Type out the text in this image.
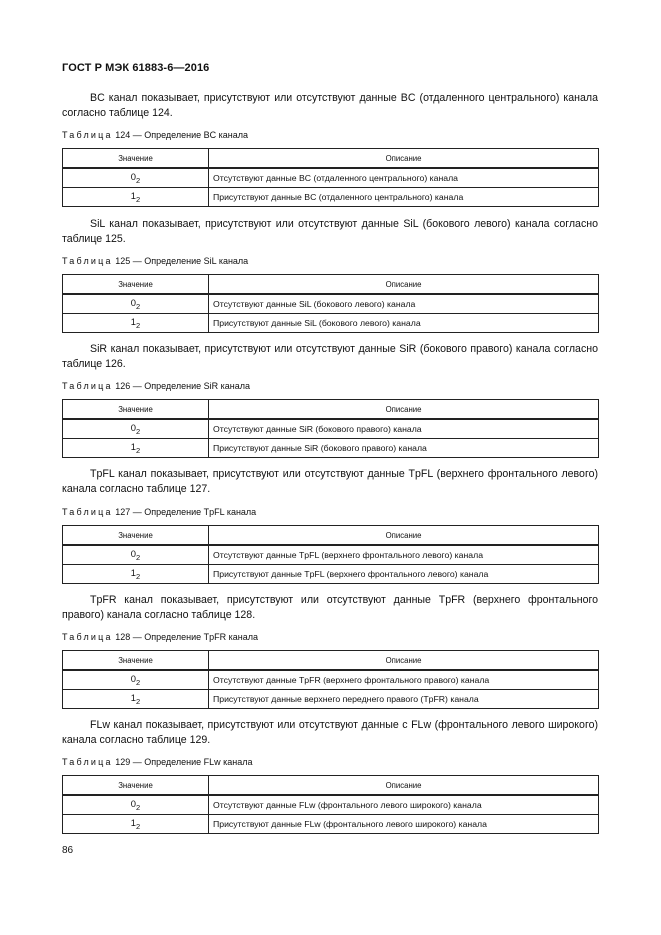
ГОСТ Р МЭК 61883-6—2016
BC канал показывает, присутствуют или отсутствуют данные BC (отдаленного центрального) канала согласно таблице 124.
Таблица 124 — Определение BC канала
Значение	Описание
$0_2$	Отсутствуют данные BC (отдаленного центрального) канала
$1_2$	Присутствуют данные BC (отдаленного центрального) канала
SiL канал показывает, присутствуют или отсутствуют данные SiL (бокового левого) канала согласно таблице 125.
Таблица 125 — Определение SiL канала
Значение	Описание
$0_2$	Отсутствуют данные SiL (бокового левого) канала
$1_2$	Присутствуют данные SiL (бокового левого) канала
SiR канал показывает, присутствуют или отсутствуют данные SiR (бокового правого) канала согласно таблице 126.
Таблица 126 — Определение SiR канала
Значение	Описание
$0_2$	Отсутствуют данные SiR (бокового правого) канала
$1_2$	Присутствуют данные SiR (бокового правого) канала
TpFL канал показывает, присутствуют или отсутствуют данные TpFL (верхнего фронтального левого) канала согласно таблице 127.
Таблица 127 — Определение TpFL канала
Значение	Описание
$0_2$	Отсутствуют данные TpFL (верхнего фронтального левого) канала
$1_2$	Присутствуют данные TpFL (верхнего фронтального левого) канала
TpFR канал показывает, присутствуют или отсутствуют данные TpFR (верхнего фронтального правого) канала согласно таблице 128.
Таблица 128 — Определение TpFR канала
Значение	Описание
$0_2$	Отсутствуют данные TpFR (верхнего фронтального правого) канала
$1_2$	Присутствуют данные верхнего переднего правого (TpFR) канала
FLw канал показывает, присутствуют или отсутствуют данные с FLw (фронтального левого широкого) канала согласно таблице 129.
Таблица 129 — Определение FLw канала
Значение	Описание
$0_2$	Отсутствуют данные FLw (фронтального левого широкого) канала
$1_2$	Присутствуют данные FLw (фронтального левого широкого) канала
86
